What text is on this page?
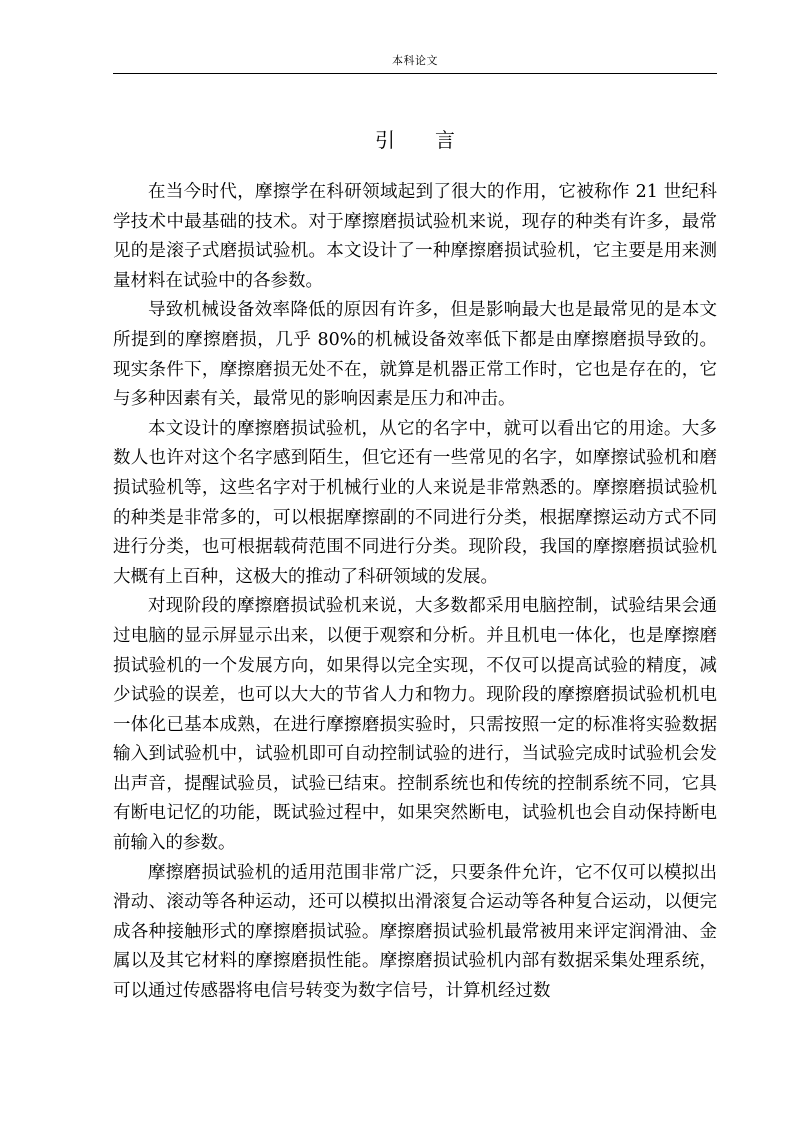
本科论文
引言

在当今时代，摩擦学在科研领域起到了很大的作用，它被称作 21 世纪科学技术中最基础的技术。对于摩擦磨损试验机来说，现存的种类有许多，最常见的是滚子式磨损试验机。本文设计了一种摩擦磨损试验机，它主要是用来测量材料在试验中的各参数。

导致机械设备效率降低的原因有许多，但是影响最大也是最常见的是本文所提到的摩擦磨损，几乎 80%的机械设备效率低下都是由摩擦磨损导致的。现实条件下，摩擦磨损无处不在，就算是机器正常工作时，它也是存在的，它与多种因素有关，最常见的影响因素是压力和冲击。

本文设计的摩擦磨损试验机，从它的名字中，就可以看出它的用途。大多数人也许对这个名字感到陌生，但它还有一些常见的名字，如摩擦试验机和磨损试验机等，这些名字对于机械行业的人来说是非常熟悉的。摩擦磨损试验机的种类是非常多的，可以根据摩擦副的不同进行分类，根据摩擦运动方式不同进行分类，也可根据载荷范围不同进行分类。现阶段，我国的摩擦磨损试验机大概有上百种，这极大的推动了科研领域的发展。

对现阶段的摩擦磨损试验机来说，大多数都采用电脑控制，试验结果会通过电脑的显示屏显示出来，以便于观察和分析。并且机电一体化，也是摩擦磨损试验机的一个发展方向，如果得以完全实现，不仅可以提高试验的精度，减少试验的误差，也可以大大的节省人力和物力。现阶段的摩擦磨损试验机机电一体化已基本成熟，在进行摩擦磨损实验时，只需按照一定的标准将实验数据输入到试验机中，试验机即可自动控制试验的进行，当试验完成时试验机会发出声音，提醒试验员，试验已结束。控制系统也和传统的控制系统不同，它具有断电记忆的功能，既试验过程中，如果突然断电，试验机也会自动保持断电前输入的参数。

摩擦磨损试验机的适用范围非常广泛，只要条件允许，它不仅可以模拟出滑动、滚动等各种运动，还可以模拟出滑滚复合运动等各种复合运动，以便完成各种接触形式的摩擦磨损试验。摩擦磨损试验机最常被用来评定润滑油、金属以及其它材料的摩擦磨损性能。摩擦磨损试验机内部有数据采集处理系统，可以通过传感器将电信号转变为数字信号，计算机经过数
